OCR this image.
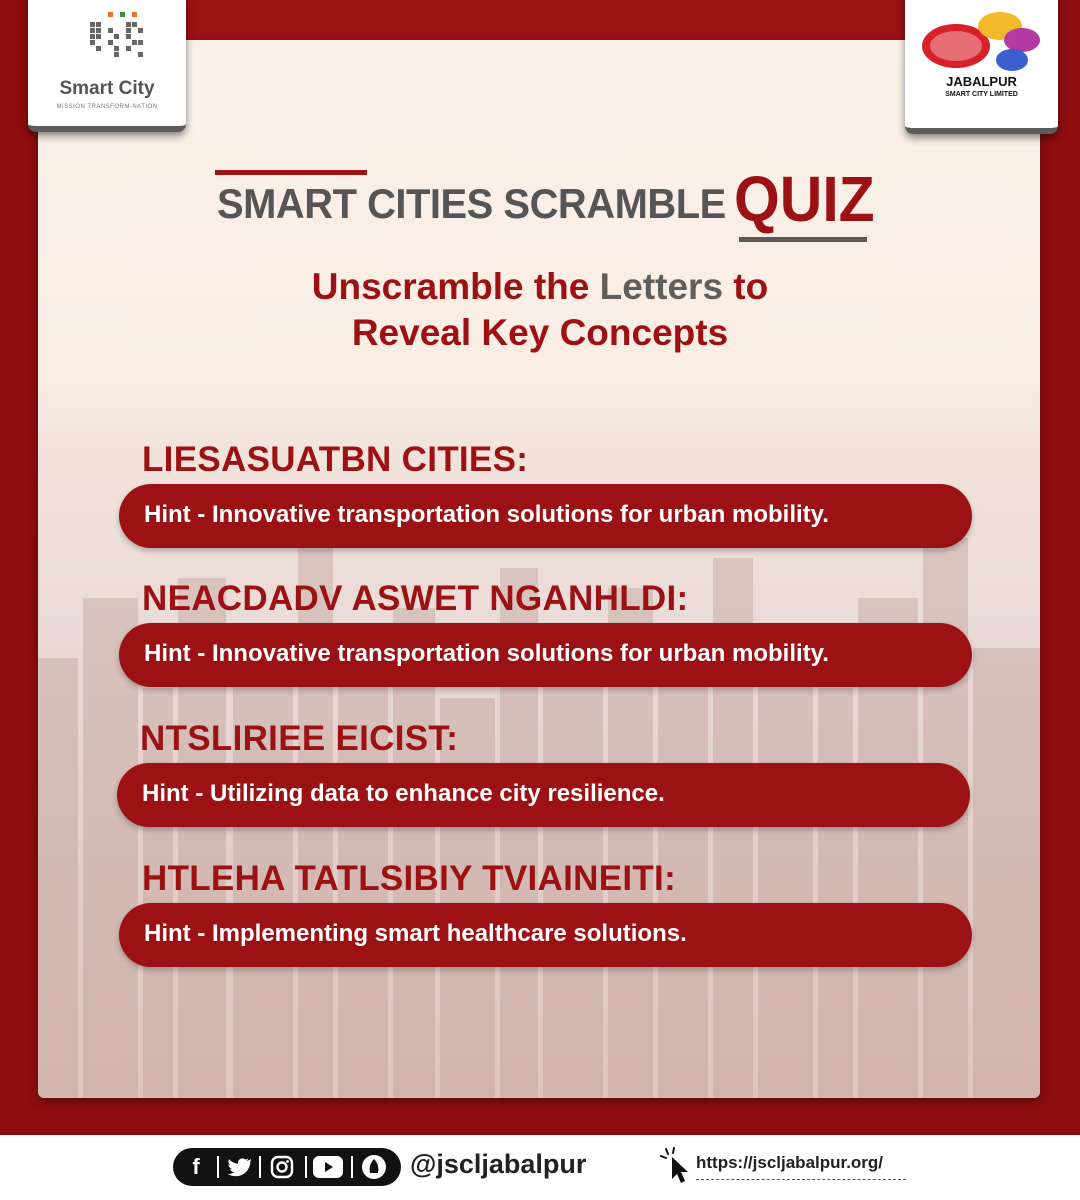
Smart City
MISSION TRANSFORM-NATION
JABALPUR
SMART CITY LIMITED
SMART CITIES SCRAMBLE QUIZ
Unscramble the Letters to
Reveal Key Concepts
LIESASUATBN CITIES:
Hint - Innovative transportation solutions for urban mobility.
NEACDADV ASWET NGANHLDI:
Hint - Innovative transportation solutions for urban mobility.
NTSLIRIEE EICIST:
Hint - Utilizing data to enhance city resilience.
HTLEHA TATLSIBIY TVIAINEITI:
Hint - Implementing smart healthcare solutions.
f	@jscljabalpur	https://jscljabalpur.org/
